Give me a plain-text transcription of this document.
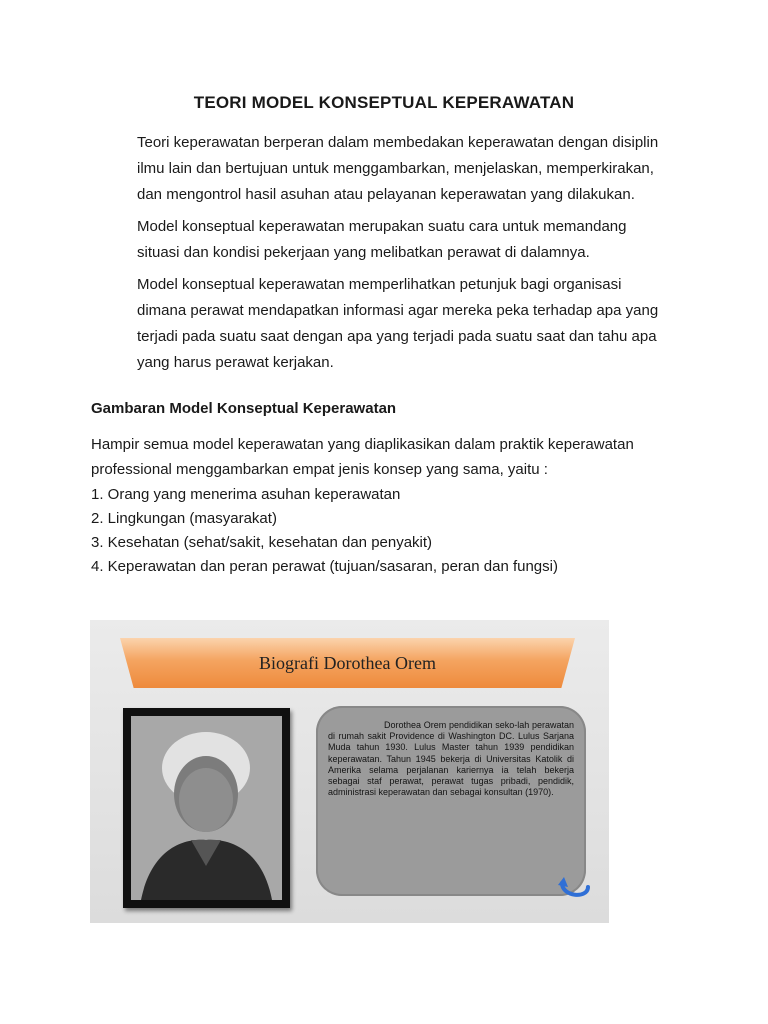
TEORI MODEL KONSEPTUAL KEPERAWATAN
Teori keperawatan berperan dalam membedakan keperawatan dengan disiplin ilmu lain dan bertujuan untuk menggambarkan, menjelaskan, memperkirakan, dan mengontrol hasil asuhan atau pelayanan keperawatan yang dilakukan.
Model konseptual keperawatan merupakan suatu cara untuk memandang situasi dan kondisi pekerjaan yang melibatkan perawat di dalamnya.
Model konseptual keperawatan memperlihatkan petunjuk bagi organisasi dimana perawat mendapatkan informasi agar mereka peka terhadap apa yang terjadi pada suatu saat dengan apa yang terjadi pada suatu saat dan tahu apa yang harus perawat kerjakan.
Gambaran Model Konseptual Keperawatan
Hampir semua model keperawatan yang diaplikasikan dalam praktik keperawatan professional menggambarkan empat jenis konsep yang sama, yaitu :
1. Orang yang menerima asuhan keperawatan
2. Lingkungan (masyarakat)
3. Kesehatan (sehat/sakit, kesehatan dan penyakit)
4. Keperawatan dan peran perawat (tujuan/sasaran, peran dan fungsi)
Biografi Dorothea Orem
Dorothea Orem pendidikan seko-lah perawatan di rumah sakit Providence di Washington DC. Lulus Sarjana Muda tahun 1930. Lulus Master tahun 1939 pendidikan keperawatan. Tahun 1945 bekerja di Universitas Katolik di Amerika selama perjalanan kariernya ia telah bekerja sebagai staf perawat, perawat tugas pribadi, pendidik, administrasi keperawatan dan sebagai konsultan (1970).
